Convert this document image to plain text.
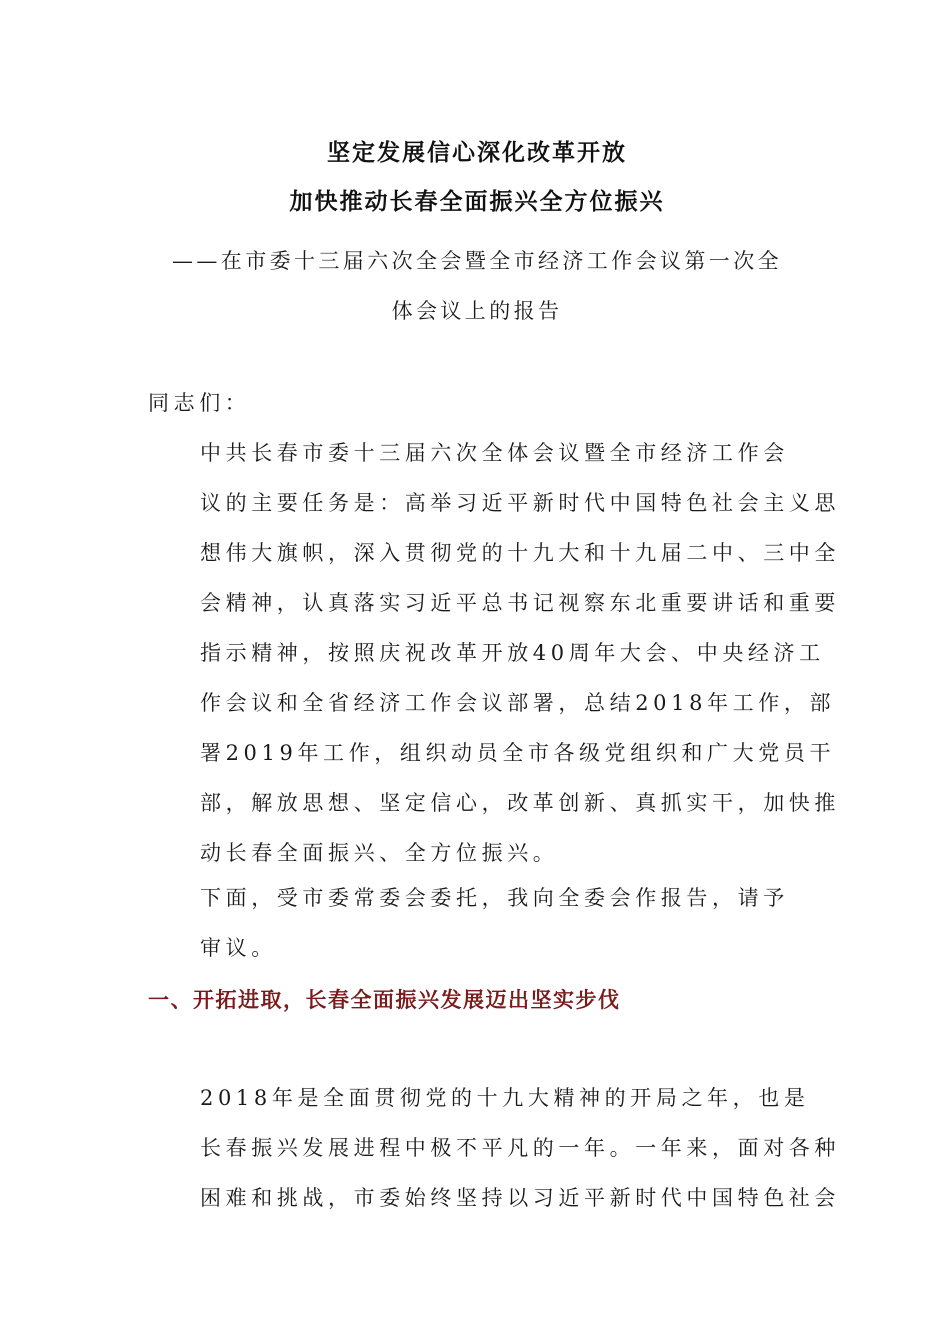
坚定发展信心深化改革开放
加快推动长春全面振兴全方位振兴
——在市委十三届六次全会暨全市经济工作会议第一次全
体会议上的报告
同志们：
中共长春市委十三届六次全体会议暨全市经济工作会
议的主要任务是：高举习近平新时代中国特色社会主义思
想伟大旗帜，深入贯彻党的十九大和十九届二中、三中全
会精神，认真落实习近平总书记视察东北重要讲话和重要
指示精神，按照庆祝改革开放40周年大会、中央经济工
作会议和全省经济工作会议部署，总结2018年工作，部
署2019年工作，组织动员全市各级党组织和广大党员干
部，解放思想、坚定信心，改革创新、真抓实干，加快推
动长春全面振兴、全方位振兴。
下面，受市委常委会委托，我向全委会作报告，请予
审议。
一、开拓进取，长春全面振兴发展迈出坚实步伐
2018年是全面贯彻党的十九大精神的开局之年，也是
长春振兴发展进程中极不平凡的一年。一年来，面对各种
困难和挑战，市委始终坚持以习近平新时代中国特色社会
